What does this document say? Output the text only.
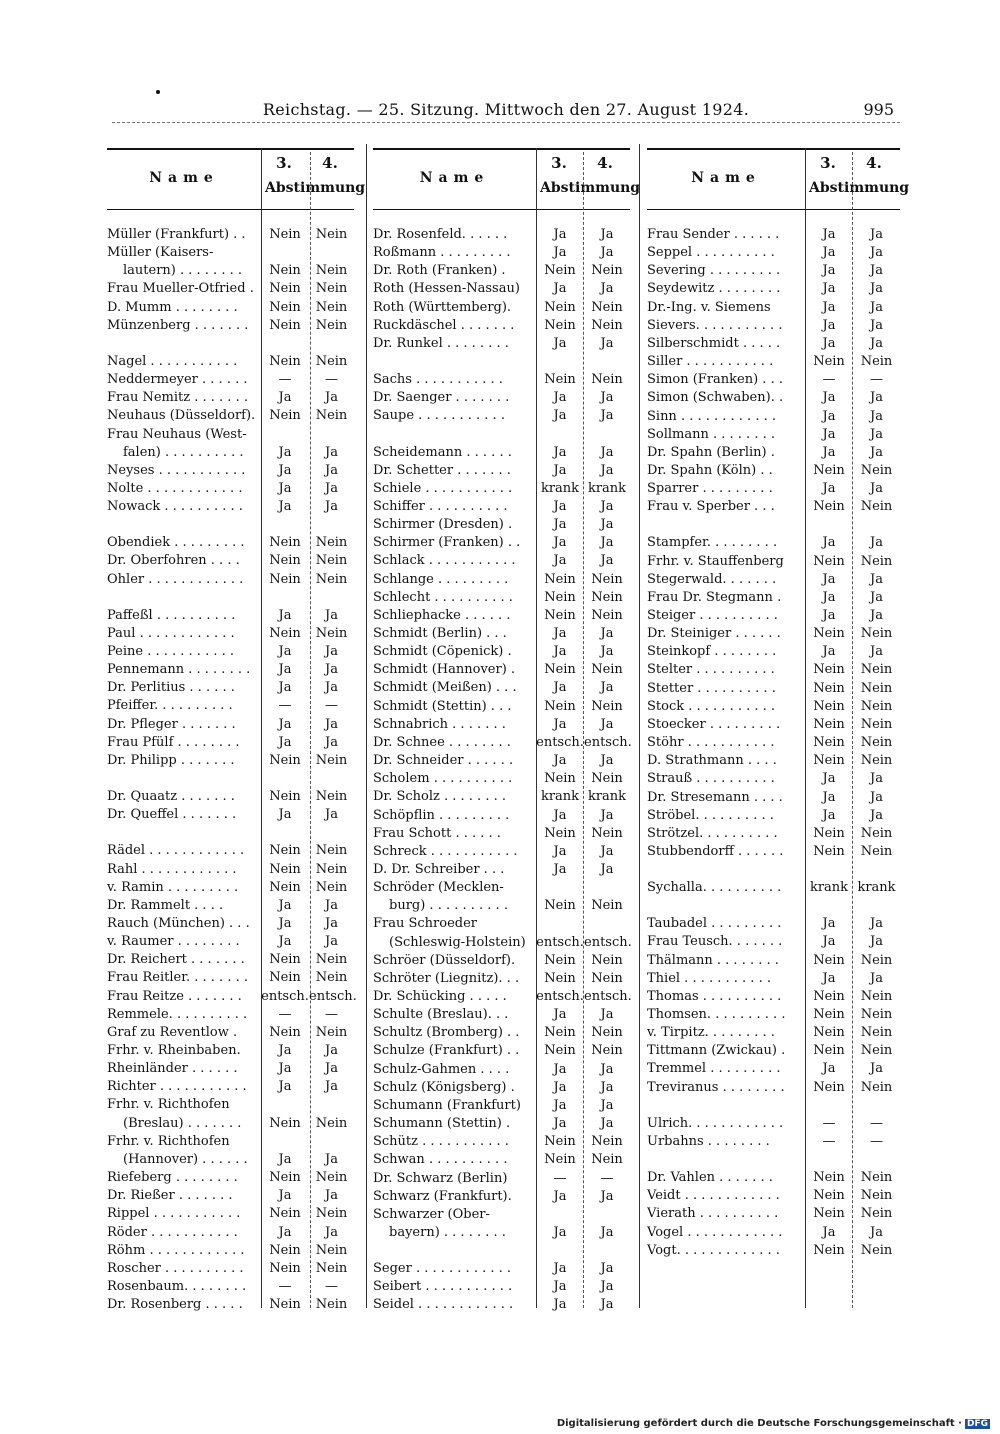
Reichstag. — 25. Sitzung. Mittwoch den 27. August 1924.	995
Name
3. 4.
Abstimmung
Müller (Frankfurt) . .	Nein	Nein
Müller (Kaisers-
lautern) . . . . . . . .	Nein	Nein
Frau Mueller-Otfried .	Nein	Nein
D. Mumm . . . . . . . .	Nein	Nein
Münzenberg . . . . . . .	Nein	Nein
Nagel . . . . . . . . . . .	Nein	Nein
Neddermeyer . . . . . .	—	—
Frau Nemitz . . . . . . .	Ja	Ja
Neuhaus (Düsseldorf).	Nein	Nein
Frau Neuhaus (West-
falen) . . . . . . . . . .	Ja	Ja
Neyses . . . . . . . . . . .	Ja	Ja
Nolte . . . . . . . . . . . .	Ja	Ja
Nowack . . . . . . . . . .	Ja	Ja
Obendiek . . . . . . . . .	Nein	Nein
Dr. Oberfohren . . . .	Nein	Nein
Ohler . . . . . . . . . . . .	Nein	Nein
Paffeßl . . . . . . . . . .	Ja	Ja
Paul . . . . . . . . . . . .	Nein	Nein
Peine . . . . . . . . . . .	Ja	Ja
Pennemann . . . . . . . .	Ja	Ja
Dr. Perlitius . . . . . .	Ja	Ja
Pfeiffer. . . . . . . . . .	—	—
Dr. Pfleger . . . . . . .	Ja	Ja
Frau Pfülf . . . . . . . .	Ja	Ja
Dr. Philipp . . . . . . .	Nein	Nein
Dr. Quaatz . . . . . . .	Nein	Nein
Dr. Queffel . . . . . . .	Ja	Ja
Rädel . . . . . . . . . . . .	Nein	Nein
Rahl . . . . . . . . . . . .	Nein	Nein
v. Ramin . . . . . . . . .	Nein	Nein
Dr. Rammelt . . . .	Ja	Ja
Rauch (München) . . .	Ja	Ja
v. Raumer . . . . . . . .	Ja	Ja
Dr. Reichert . . . . . . .	Nein	Nein
Frau Reitler. . . . . . . .	Nein	Nein
Frau Reitze . . . . . . .	entsch. entsch.
Remmele. . . . . . . . . .	—	—
Graf zu Reventlow .	Nein	Nein
Frhr. v. Rheinbaben.	Ja	Ja
Rheinländer . . . . . .	Ja	Ja
Richter . . . . . . . . . . .	Ja	Ja
Frhr. v. Richthofen
(Breslau) . . . . . . .	Nein	Nein
Frhr. v. Richthofen
(Hannover) . . . . . .	Ja	Ja
Riefeberg . . . . . . . .	Nein	Nein
Dr. Rießer . . . . . . .	Ja	Ja
Rippel . . . . . . . . . . .	Nein	Nein
Röder . . . . . . . . . . .	Ja	Ja
Röhm . . . . . . . . . . . .	Nein	Nein
Roscher . . . . . . . . . .	Nein	Nein
Rosenbaum. . . . . . . .	—	—
Dr. Rosenberg . . . . .	Nein	Nein
Name
3. 4.
Abstimmung
Dr. Rosenfeld. . . . . .	Ja	Ja
Roßmann . . . . . . . . .	Ja	Ja
Dr. Roth (Franken) .	Nein	Nein
Roth (Hessen-Nassau)	Ja	Ja
Roth (Württemberg).	Nein	Nein
Ruckdäschel . . . . . . .	Nein	Nein
Dr. Runkel . . . . . . . .	Ja	Ja
Sachs . . . . . . . . . . .	Nein	Nein
Dr. Saenger . . . . . . .	Ja	Ja
Saupe . . . . . . . . . . .	Ja	Ja
Scheidemann . . . . . .	Ja	Ja
Dr. Schetter . . . . . . .	Ja	Ja
Schiele . . . . . . . . . . .	krank krank
Schiffer . . . . . . . . . .	Ja	Ja
Schirmer (Dresden) .	Ja	Ja
Schirmer (Franken) . .	Ja	Ja
Schlack . . . . . . . . . . .	Ja	Ja
Schlange . . . . . . . . .	Nein	Nein
Schlecht . . . . . . . . . .	Nein	Nein
Schliephacke . . . . . .	Nein	Nein
Schmidt (Berlin) . . .	Ja	Ja
Schmidt (Cöpenick) .	Ja	Ja
Schmidt (Hannover) .	Nein	Nein
Schmidt (Meißen) . . .	Ja	Ja
Schmidt (Stettin) . . .	Nein	Nein
Schnabrich . . . . . . .	Ja	Ja
Dr. Schnee . . . . . . . .	entsch. entsch.
Dr. Schneider . . . . . .	Ja	Ja
Scholem . . . . . . . . . .	Nein	Nein
Dr. Scholz . . . . . . . .	krank krank
Schöpflin . . . . . . . . .	Ja	Ja
Frau Schott . . . . . .	Nein	Nein
Schreck . . . . . . . . . . .	Ja	Ja
D. Dr. Schreiber . . .	Ja	Ja
Schröder (Mecklen-
burg) . . . . . . . . . .	Nein	Nein
Frau Schroeder
(Schleswig-Holstein) entsch. entsch.
Schröer (Düsseldorf).	Nein	Nein
Schröter (Liegnitz). . .	Nein	Nein
Dr. Schücking . . . . .	entsch. entsch.
Schulte (Breslau). . .	Ja	Ja
Schultz (Bromberg) . .	Nein	Nein
Schulze (Frankfurt) . .	Nein	Nein
Schulz-Gahmen . . . .	Ja	Ja
Schulz (Königsberg) .	Ja	Ja
Schumann (Frankfurt)	Ja	Ja
Schumann (Stettin) .	Ja	Ja
Schütz . . . . . . . . . . .	Nein	Nein
Schwan . . . . . . . . . .	Nein	Nein
Dr. Schwarz (Berlin)	—	—
Schwarz (Frankfurt).	Ja	Ja
Schwarzer (Ober-
bayern) . . . . . . . .	Ja	Ja
Seger . . . . . . . . . . . .	Ja	Ja
Seibert . . . . . . . . . . .	Ja	Ja
Seidel . . . . . . . . . . . .	Ja	Ja
Name
3. 4.
Abstimmung
Frau Sender . . . . . .	Ja	Ja
Seppel . . . . . . . . . .	Ja	Ja
Severing . . . . . . . . .	Ja	Ja
Seydewitz . . . . . . . .	Ja	Ja
Dr.-Ing. v. Siemens	Ja	Ja
Sievers. . . . . . . . . . .	Ja	Ja
Silberschmidt . . . . .	Ja	Ja
Siller . . . . . . . . . . .	Nein	Nein
Simon (Franken) . . .	—	—
Simon (Schwaben). .	Ja	Ja
Sinn . . . . . . . . . . . .	Ja	Ja
Sollmann . . . . . . . .	Ja	Ja
Dr. Spahn (Berlin) .	Ja	Ja
Dr. Spahn (Köln) . .	Nein	Nein
Sparrer . . . . . . . . .	Ja	Ja
Frau v. Sperber . . .	Nein	Nein
Stampfer. . . . . . . . .	Ja	Ja
Frhr. v. Stauffenberg	Nein	Nein
Stegerwald. . . . . . .	Ja	Ja
Frau Dr. Stegmann .	Ja	Ja
Steiger . . . . . . . . . .	Ja	Ja
Dr. Steiniger . . . . . .	Nein	Nein
Steinkopf . . . . . . . .	Ja	Ja
Stelter . . . . . . . . . .	Nein	Nein
Stetter . . . . . . . . . .	Nein	Nein
Stock . . . . . . . . . . .	Nein	Nein
Stoecker . . . . . . . . .	Nein	Nein
Stöhr . . . . . . . . . . .	Nein	Nein
D. Strathmann . . . .	Nein	Nein
Strauß . . . . . . . . . .	Ja	Ja
Dr. Stresemann . . . .	Ja	Ja
Ströbel. . . . . . . . . .	Ja	Ja
Strötzel. . . . . . . . . .	Nein	Nein
Stubbendorff . . . . . .	Nein	Nein
Sychalla. . . . . . . . . .	krank krank
Taubadel . . . . . . . . .	Ja	Ja
Frau Teusch. . . . . . .	Ja	Ja
Thälmann . . . . . . . .	Nein	Nein
Thiel . . . . . . . . . . .	Ja	Ja
Thomas . . . . . . . . . .	Nein	Nein
Thomsen. . . . . . . . . .	Nein	Nein
v. Tirpitz. . . . . . . . .	Nein	Nein
Tittmann (Zwickau) .	Nein	Nein
Tremmel . . . . . . . . .	Ja	Ja
Treviranus . . . . . . . .	Nein	Nein
Ulrich. . . . . . . . . . . .	—	—
Urbahns . . . . . . . .	—	—
Dr. Vahlen . . . . . . .	Nein	Nein
Veidt . . . . . . . . . . . .	Nein	Nein
Vierath . . . . . . . . . .	Nein	Nein
Vogel . . . . . . . . . . . .	Ja	Ja
Vogt. . . . . . . . . . . . .	Nein	Nein
Digitalisierung gefördert durch die Deutsche Forschungsgemeinschaft · DFG
